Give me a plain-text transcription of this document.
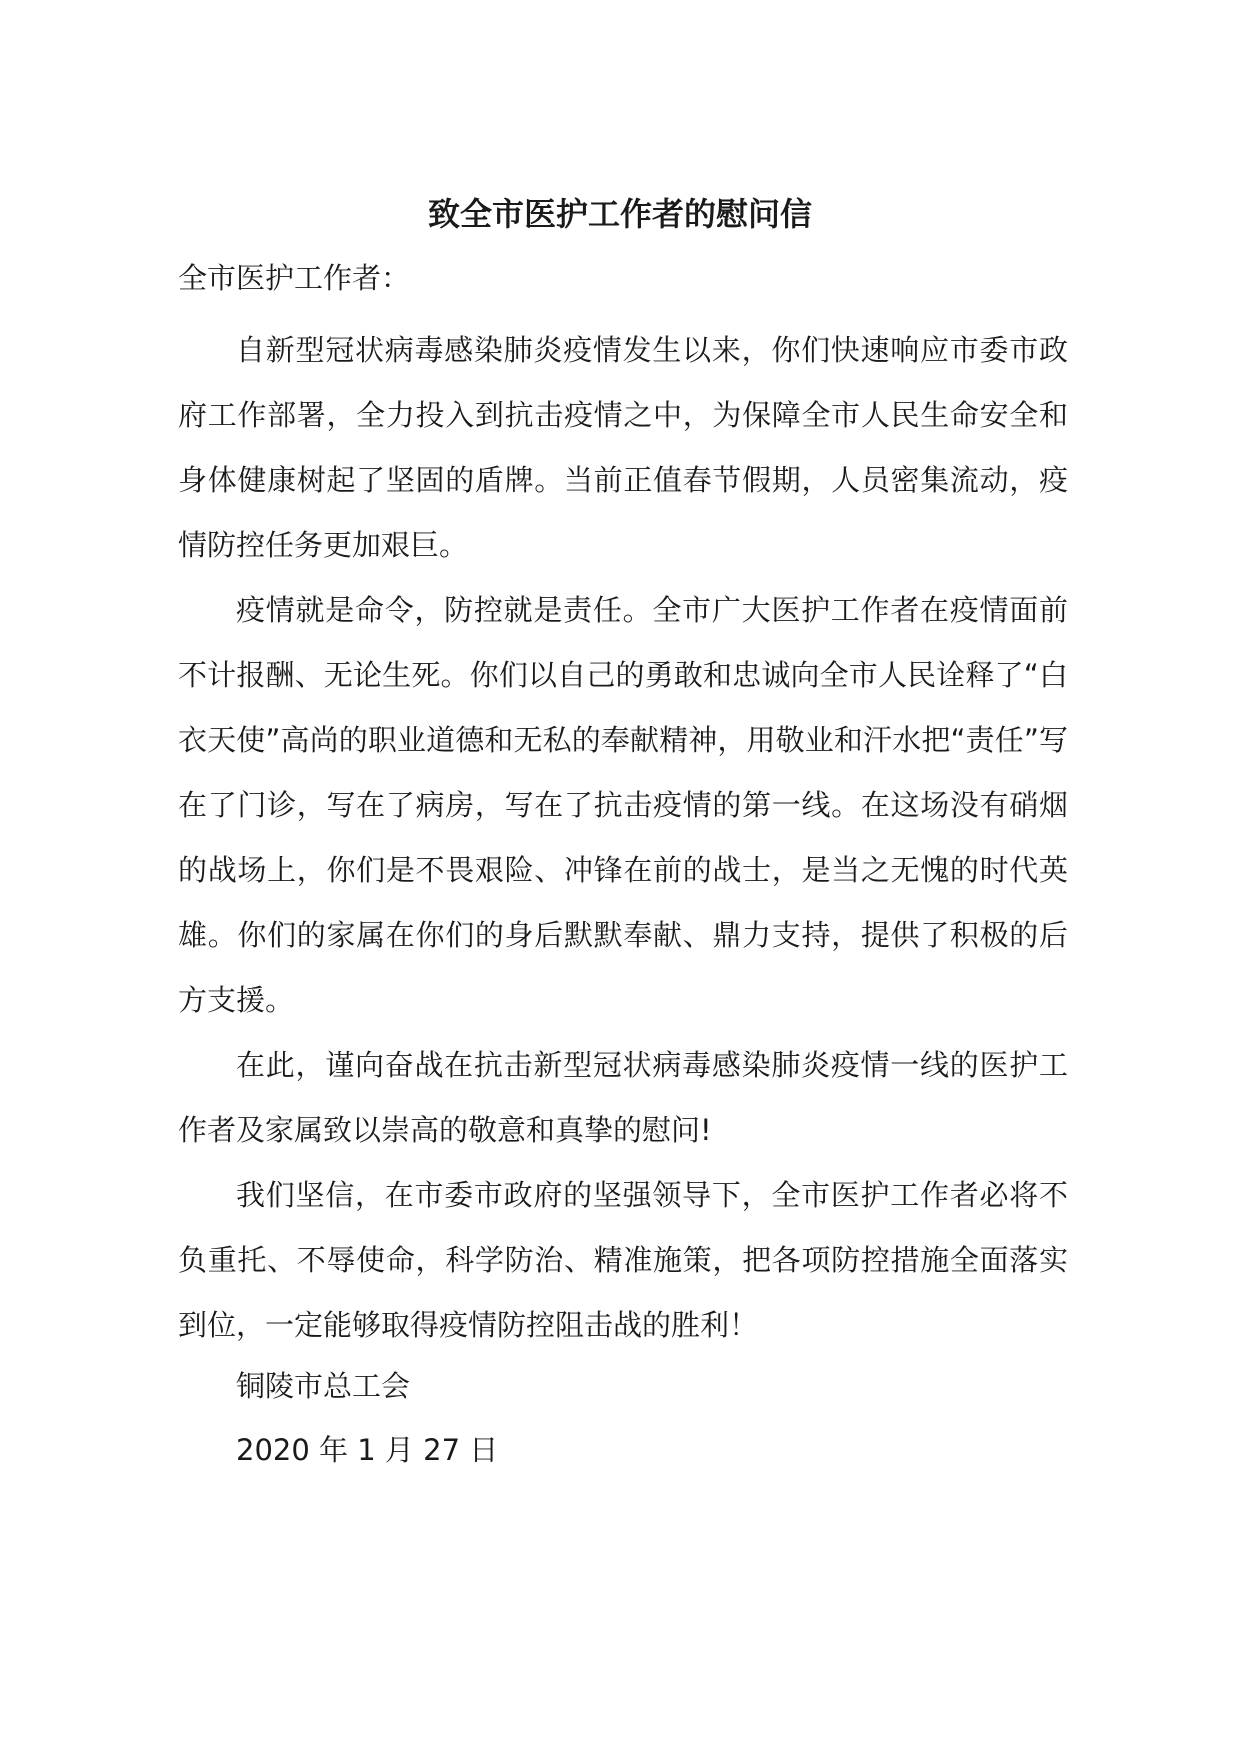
致全市医护工作者的慰问信

全市医护工作者：

自新型冠状病毒感染肺炎疫情发生以来，你们快速响应市委市政府工作部署，全力投入到抗击疫情之中，为保障全市人民生命安全和身体健康树起了坚固的盾牌。当前正值春节假期，人员密集流动，疫情防控任务更加艰巨。

疫情就是命令，防控就是责任。全市广大医护工作者在疫情面前不计报酬、无论生死。你们以自己的勇敢和忠诚向全市人民诠释了“白衣天使”高尚的职业道德和无私的奉献精神，用敬业和汗水把“责任”写在了门诊，写在了病房，写在了抗击疫情的第一线。在这场没有硝烟的战场上，你们是不畏艰险、冲锋在前的战士，是当之无愧的时代英雄。你们的家属在你们的身后默默奉献、鼎力支持，提供了积极的后方支援。

在此，谨向奋战在抗击新型冠状病毒感染肺炎疫情一线的医护工作者及家属致以崇高的敬意和真挚的慰问!

我们坚信，在市委市政府的坚强领导下，全市医护工作者必将不负重托、不辱使命，科学防治、精准施策，把各项防控措施全面落实到位，一定能够取得疫情防控阻击战的胜利！

铜陵市总工会

2020 年 1 月 27 日
